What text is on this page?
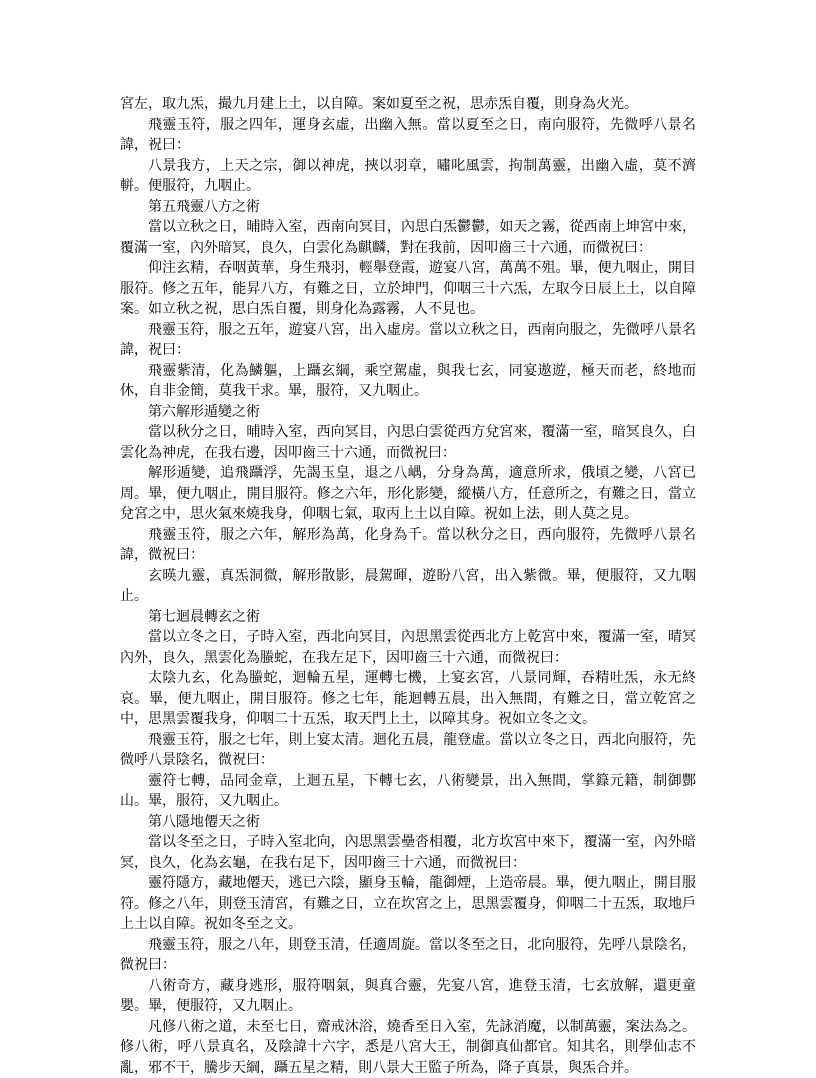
宮左，取九炁，撮九月建上土，以自障。案如夏至之祝，思赤炁自覆，則身為火光。

飛靈玉符，服之四年，運身玄虛，出幽入無。當以夏至之日，南向服符，先微呼八景名諱，祝曰：

八景我方，上天之宗，御以神虎，挾以羽章，嘯叱風雲，拘制萬靈，出幽入虛，莫不濟軿。便服符，九咽止。

第五飛靈八方之術

當以立秋之日，晡時入室，西南向冥目，內思白炁鬱鬱，如天之霧，從西南上坤宮中來，覆滿一室，內外暗冥，良久，白雲化為麒麟，對在我前，因叩齒三十六通，而微祝曰：

仰注玄精，吞咽黃華，身生飛羽，輕舉登霞，遊宴八宮，萬萬不殂。畢，便九咽止，開目服符。修之五年，能昇八方，有難之日，立於坤門，仰咽三十六炁，左取今日辰上土，以自障案。如立秋之祝，思白炁自覆，則身化為露霧，人不見也。

飛靈玉符，服之五年，遊宴八宮，出入虛房。當以立秋之日，西南向服之，先微呼八景名諱，祝曰：

飛靈紫清，化為鱗軀，上躡玄綱，乘空駕虛，與我七玄，同宴遨遊，極天而老，終地而休，自非金簡，莫我干求。畢，服符，又九咽止。

第六解形遁變之術

當以秋分之日，晡時入室，西向冥目，內思白雲從西方兌宮來，覆滿一室，暗冥良久，白雲化為神虎，在我右邊，因叩齒三十六通，而微祝曰：

解形遁變，追飛躡浮，先謁玉皇，退之八嵎，分身為萬，適意所求，俄頃之變，八宮已周。畢，便九咽止，開目服符。修之六年，形化影變，縱橫八方，任意所之，有難之日，當立兌宮之中，思火氣來燒我身，仰咽七氣，取丙上土以自障。祝如上法，則人莫之見。

飛靈玉符，服之六年，解形為萬，化身為千。當以秋分之日，西向服符，先微呼八景名諱，微祝曰：

玄暎九靈，真炁洞微，解形散影，晨駕暉，遊盼八宮，出入紫微。畢，便服符，又九咽止。

第七迴晨轉玄之術

當以立冬之日，子時入室，西北向冥目，內思黑雲從西北方上乾宮中來，覆滿一室，晴冥內外，良久，黑雲化為螣蛇，在我左足下，因叩齒三十六通，而微祝曰：

太陰九玄，化為螣蛇，迴輪五星，運轉七機，上宴玄宮，八景同輝，吞精吐炁，永无終哀。畢，便九咽止，開目服符。修之七年，能迴轉五晨，出入無間，有難之日，當立乾宮之中，思黑雲覆我身，仰咽二十五炁，取天門上土，以障其身。祝如立冬之文。

飛靈玉符，服之七年，則上宴太清。迴化五晨，龍登虛。當以立冬之日，西北向服符，先微呼八景陰名，微祝曰：

靈符七轉，品同金章，上迴五星，下轉七玄，八術變景，出入無間，掌籙元籍，制御酆山。畢，服符，又九咽止。

第八隱地僊天之術

當以冬至之日，子時入室北向，內思黑雲壘沓相覆，北方坎宮中來下，覆滿一室，內外暗冥，良久，化為玄龜，在我右足下，因叩齒三十六通，而微祝曰：

靈符隱方，藏地僊天，逃已六陰，顯身玉輪，龍御煙，上造帝晨。畢，便九咽止，開目服符。修之八年，則登玉清宮，有難之日，立在坎宮之上，思黑雲覆身，仰咽二十五炁，取地戶上土以自障。祝如冬至之文。

飛靈玉符，服之八年，則登玉清，任適周旋。當以冬至之日，北向服符，先呼八景陰名，微祝曰：

八術奇方，藏身逃形，服符咽氣，與真合靈，先宴八宮，進登玉清，七玄放解，還更童嬰。畢，便服符，又九咽止。

凡修八術之道，未至七日，齋戒沐浴，燒香至日入室，先詠消魔，以制萬靈，案法為之。修八術，呼八景真名，及陰諱十六字，悉是八宮大王，制御真仙都官。知其名，則學仙志不亂，邪不干，騰步天綱，躡五星之精，則八景大王監子所為，降子真景，與炁合并。
